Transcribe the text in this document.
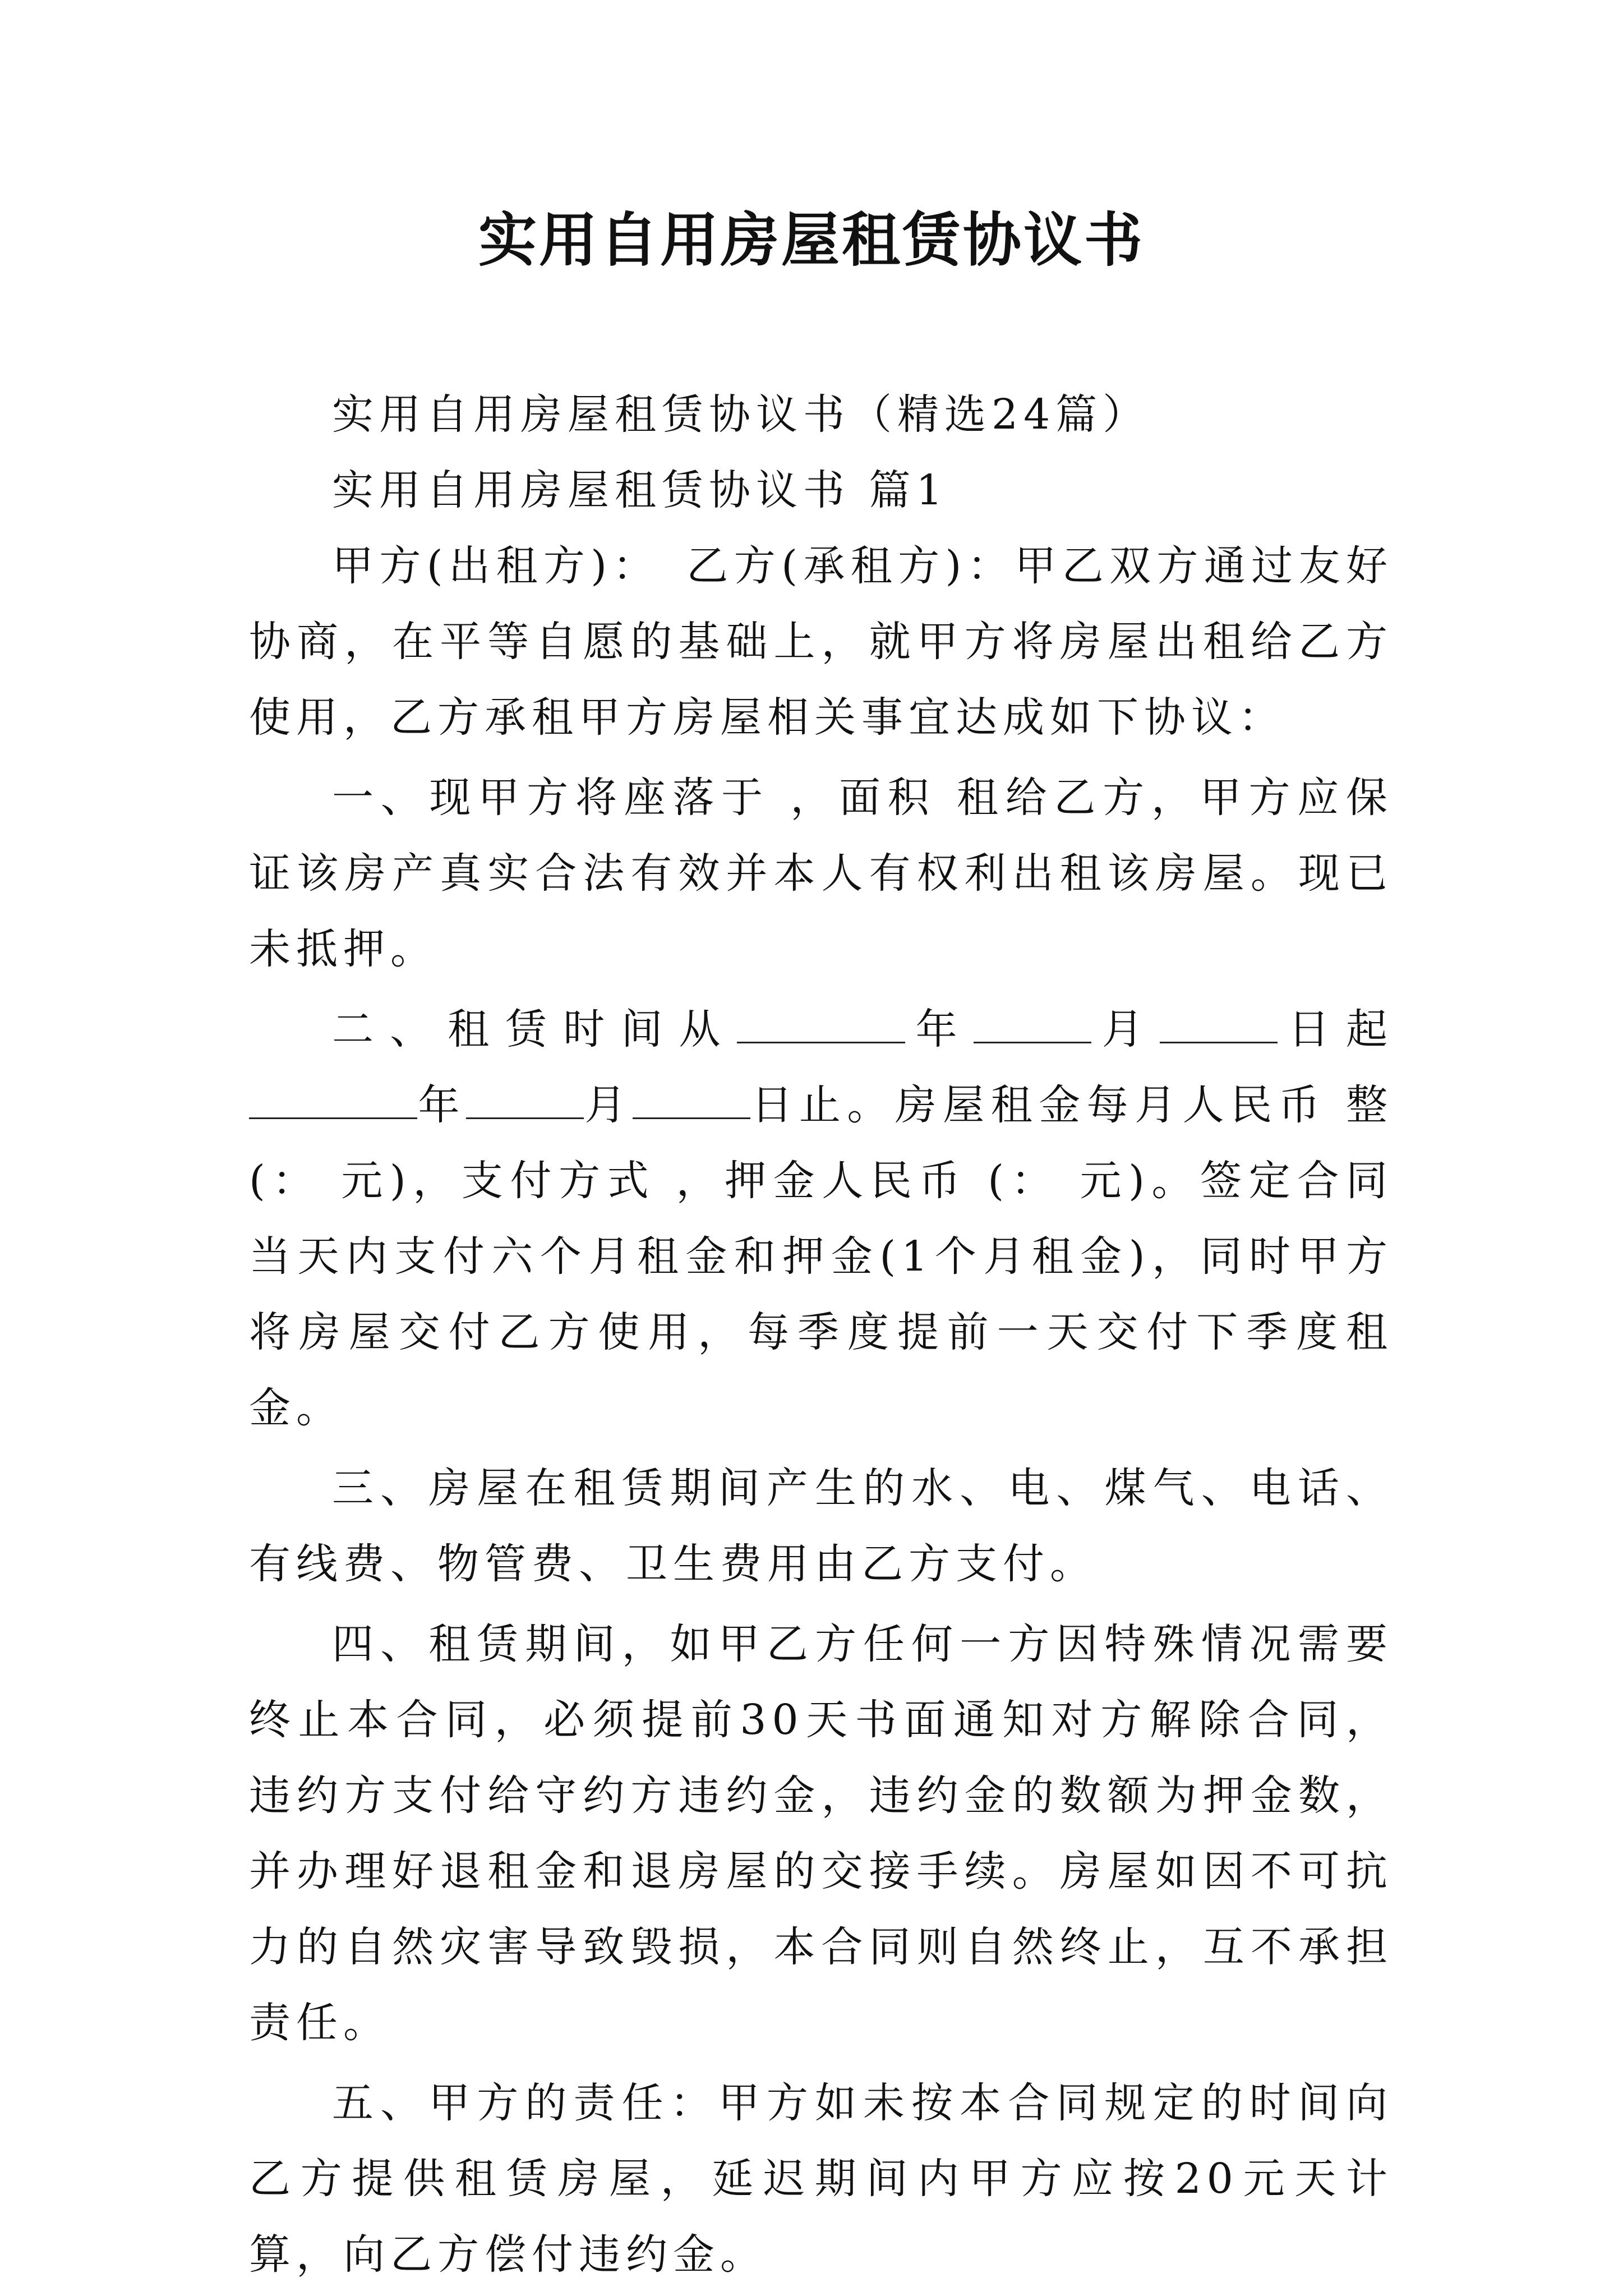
实用自用房屋租赁协议书

实用自用房屋租赁协议书（精选24篇）

实用自用房屋租赁协议书 篇1

甲方(出租方)：　乙方(承租方)：甲乙双方通过友好协商，在平等自愿的基础上，就甲方将房屋出租给乙方使用，乙方承租甲方房屋相关事宜达成如下协议：

一、现甲方将座落于 ，面积 租给乙方，甲方应保证该房产真实合法有效并本人有权利出租该房屋。现已未抵押。

二、租赁时间从	年	月	日起年	月	日止。房屋租金每月人民币 整(： 元)，支付方式 ，押金人民币 (： 元)。签定合同当天内支付六个月租金和押金(1个月租金)，同时甲方将房屋交付乙方使用，每季度提前一天交付下季度租金。

三、房屋在租赁期间产生的水、电、煤气、电话、有线费、物管费、卫生费用由乙方支付。

四、租赁期间，如甲乙方任何一方因特殊情况需要终止本合同，必须提前30天书面通知对方解除合同，违约方支付给守约方违约金，违约金的数额为押金数，并办理好退租金和退房屋的交接手续。房屋如因不可抗力的自然灾害导致毁损，本合同则自然终止，互不承担责任。

五、甲方的责任：甲方如未按本合同规定的时间向乙方提供租赁房屋，延迟期间内甲方应按20元天计算，向乙方偿付违约金。
